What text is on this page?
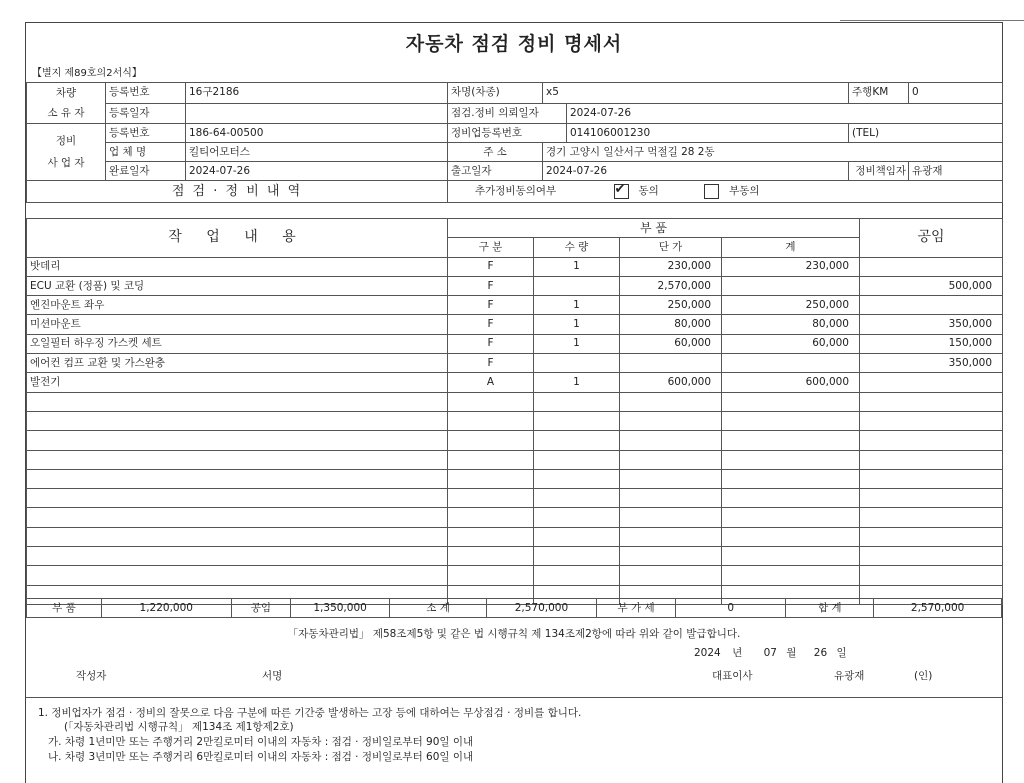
자동차 점검 정비 명세서
【별지 제89호의2서식】
차량
소 유 자	등록번호	16구2186	차명(차종)	x5		주행KM	0	
	등록일자		점검.정비 의뢰일자		2024-07-26			
정비
사 업 자	등록번호	186-64-00500	정비업등록번호		014106001230	(TEL)		
	업 체 명	킬티어모터스	주 소	경기 고양시 일산서구 먹절길 28 2동				
	완료일자	2024-07-26	출고일자	2024-07-26		정비책임자	유광재	
점 검 · 정 비 내 역			추가정비동의여부 ✔ 동의 부동의
작 업 내 용	부 품				공임
	구 분	수 량	단 가	계	
밧데리	F	1	230,000	230,000	
ECU 교환 (정품) 및 코딩	F		2,570,000		500,000
엔진마운트 좌우	F	1	250,000	250,000	
미션마운트	F	1	80,000	80,000	350,000
오일필터 하우징 가스켓 세트	F	1	60,000	60,000	150,000
에어컨 컴프 교환 및 가스완충	F				350,000
발전기	A	1	600,000	600,000	

부 품	1,220,000	공임	1,350,000	소 계	2,570,000	부 가 세	0	합 계	2,570,000
「자동차관리법」 제58조제5항 및 같은 법 시행규칙 제 134조제2항에 따라 위와 같이 발급합니다.
2024 년 07 월 26 일
작성자	서명	대표이사	유광재	(인)
1. 정비업자가 점검 · 정비의 잘못으로 다음 구분에 따른 기간중 발생하는 고장 등에 대하여는 무상점검 · 정비를 합니다.
(「자동차관리법 시행규칙」 제134조 제1항제2호)
가. 차령 1년미만 또는 주행거리 2만킬로미터 이내의 자동차 : 점검 · 정비일로부터 90일 이내
나. 차령 3년미만 또는 주행거리 6만킬로미터 이내의 자동차 : 점검 · 정비일로부터 60일 이내
